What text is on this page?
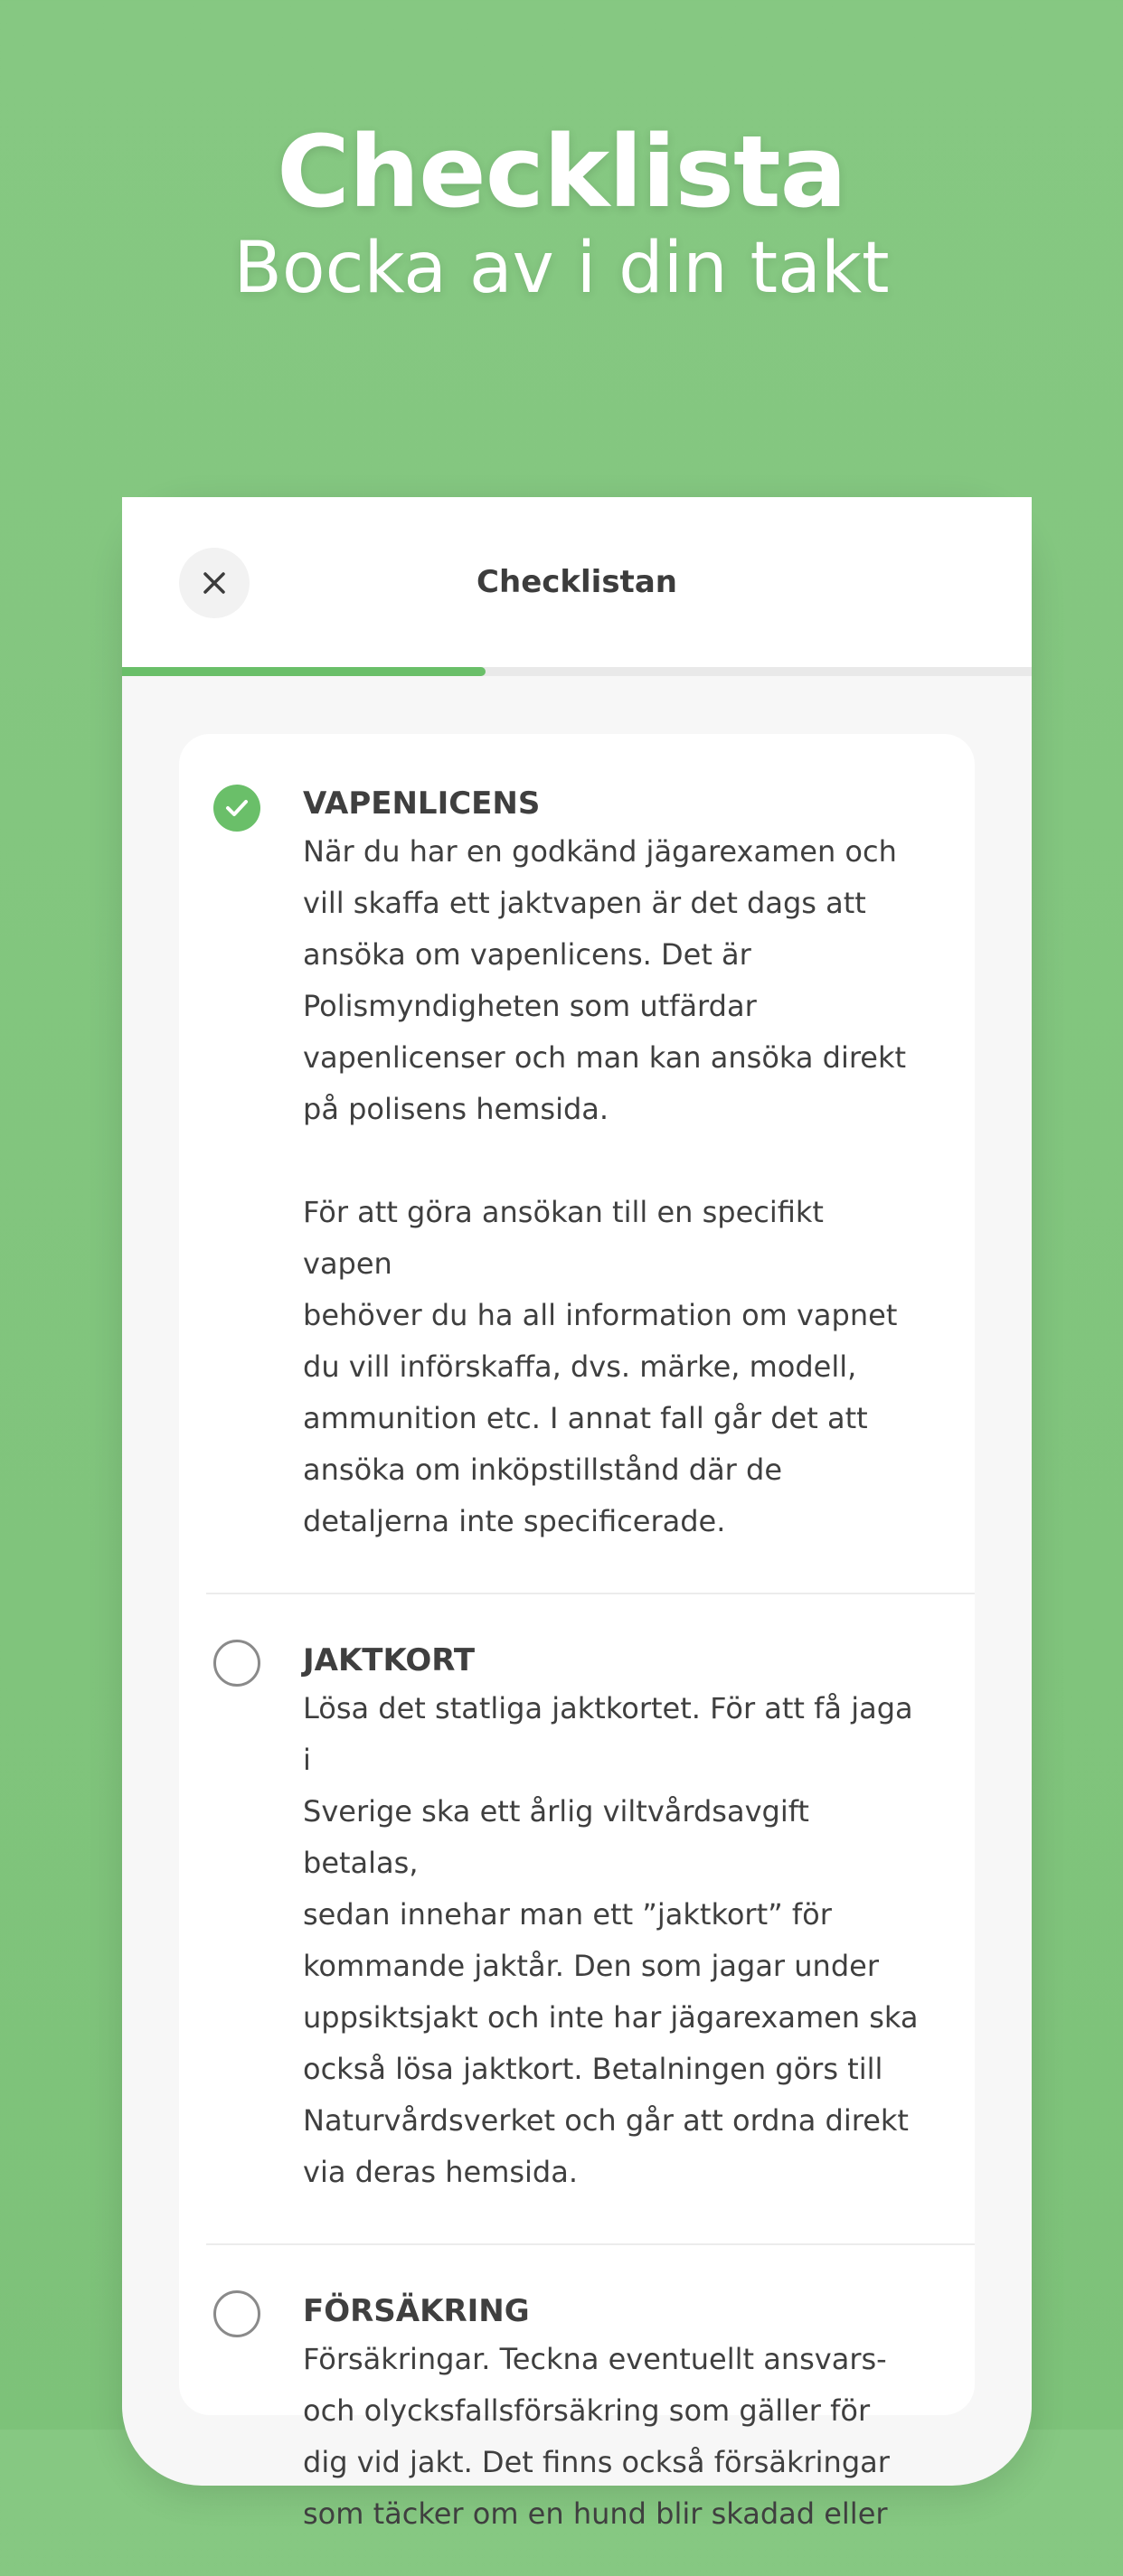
Checklista
Bocka av i din takt
Checklistan
VAPENLICENS
När du har en godkänd jägarexamen och
vill skaffa ett jaktvapen är det dags att
ansöka om vapenlicens. Det är
Polismyndigheten som utfärdar
vapenlicenser och man kan ansöka direkt
på polisens hemsida.

För att göra ansökan till en specifikt vapen
behöver du ha all information om vapnet
du vill införskaffa, dvs. märke, modell,
ammunition etc. I annat fall går det att
ansöka om inköpstillstånd där de
detaljerna inte specificerade.
JAKTKORT
Lösa det statliga jaktkortet. För att få jaga i
Sverige ska ett årlig viltvårdsavgift betalas,
sedan innehar man ett ”jaktkort” för
kommande jaktår. Den som jagar under
uppsiktsjakt och inte har jägarexamen ska
också lösa jaktkort. Betalningen görs till
Naturvårdsverket och går att ordna direkt
via deras hemsida.
FÖRSÄKRING
Försäkringar. Teckna eventuellt ansvars-
och olycksfallsförsäkring som gäller för
dig vid jakt. Det finns också försäkringar
som täcker om en hund blir skadad eller
